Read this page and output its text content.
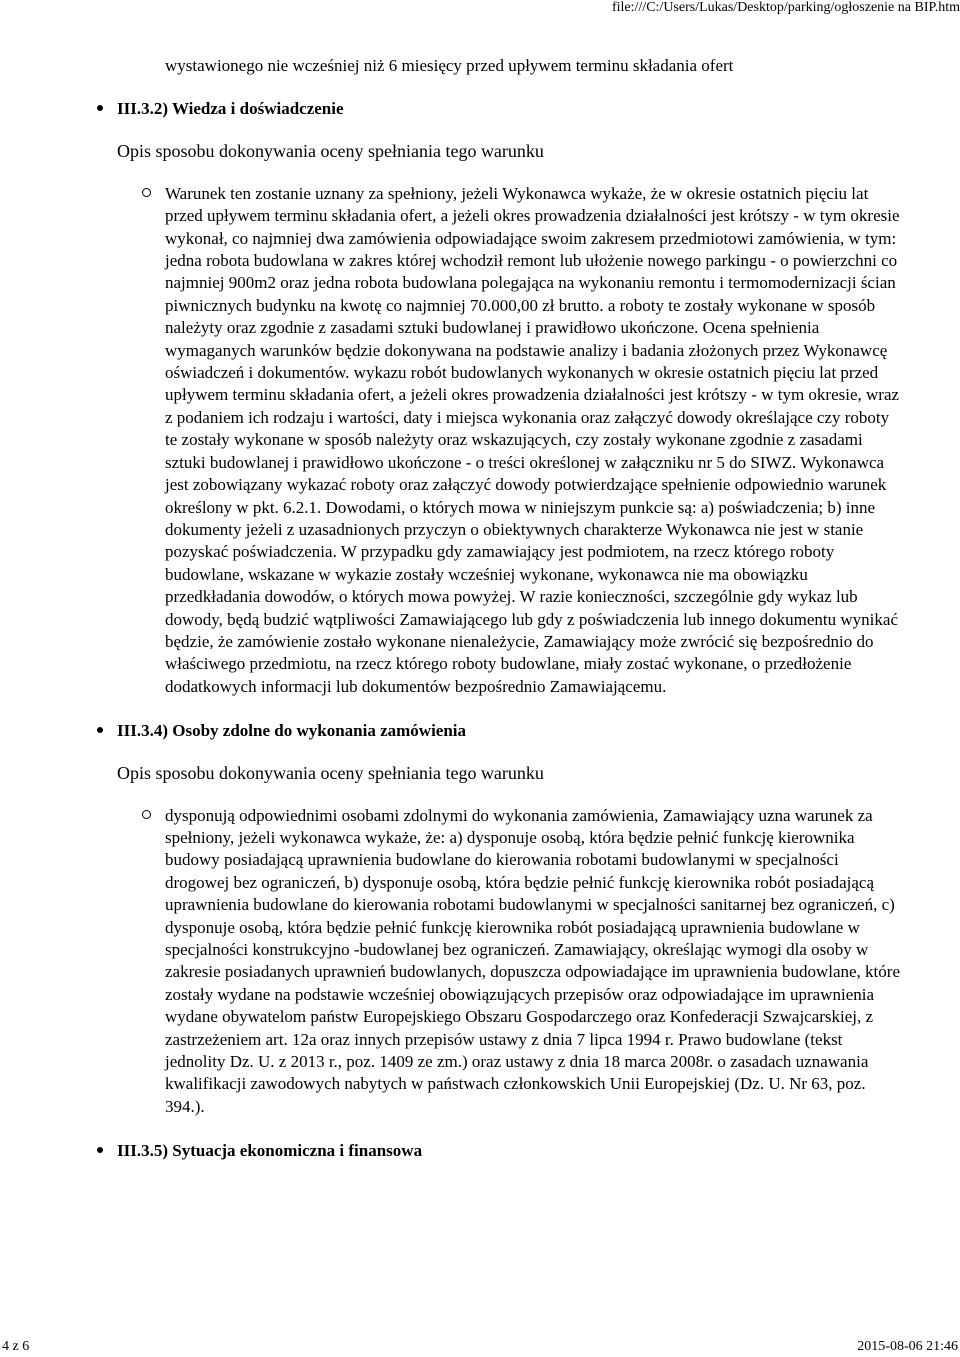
file:///C:/Users/Lukas/Desktop/parking/ogłoszenie na BIP.htm
wystawionego nie wcześniej niż 6 miesięcy przed upływem terminu składania ofert
III.3.2) Wiedza i doświadczenie
Opis sposobu dokonywania oceny spełniania tego warunku
Warunek ten zostanie uznany za spełniony, jeżeli Wykonawca wykaże, że w okresie ostatnich pięciu lat przed upływem terminu składania ofert, a jeżeli okres prowadzenia działalności jest krótszy - w tym okresie wykonał, co najmniej dwa zamówienia odpowiadające swoim zakresem przedmiotowi zamówienia, w tym: jedna robota budowlana w zakres której wchodził remont lub ułożenie nowego parkingu - o powierzchni co najmniej 900m2 oraz jedna robota budowlana polegająca na wykonaniu remontu i termomodernizacji ścian piwnicznych budynku na kwotę co najmniej 70.000,00 zł brutto. a roboty te zostały wykonane w sposób należyty oraz zgodnie z zasadami sztuki budowlanej i prawidłowo ukończone. Ocena spełnienia wymaganych warunków będzie dokonywana na podstawie analizy i badania złożonych przez Wykonawcę oświadczeń i dokumentów. wykazu robót budowlanych wykonanych w okresie ostatnich pięciu lat przed upływem terminu składania ofert, a jeżeli okres prowadzenia działalności jest krótszy - w tym okresie, wraz z podaniem ich rodzaju i wartości, daty i miejsca wykonania oraz załączyć dowody określające czy roboty te zostały wykonane w sposób należyty oraz wskazujących, czy zostały wykonane zgodnie z zasadami sztuki budowlanej i prawidłowo ukończone - o treści określonej w załączniku nr 5 do SIWZ. Wykonawca jest zobowiązany wykazać roboty oraz załączyć dowody potwierdzające spełnienie odpowiednio warunek określony w pkt. 6.2.1. Dowodami, o których mowa w niniejszym punkcie są: a) poświadczenia; b) inne dokumenty jeżeli z uzasadnionych przyczyn o obiektywnych charakterze Wykonawca nie jest w stanie pozyskać poświadczenia. W przypadku gdy zamawiający jest podmiotem, na rzecz którego roboty budowlane, wskazane w wykazie zostały wcześniej wykonane, wykonawca nie ma obowiązku przedkładania dowodów, o których mowa powyżej. W razie konieczności, szczególnie gdy wykaz lub dowody, będą budzić wątpliwości Zamawiającego lub gdy z poświadczenia lub innego dokumentu wynikać będzie, że zamówienie zostało wykonane nienależycie, Zamawiający może zwrócić się bezpośrednio do właściwego przedmiotu, na rzecz którego roboty budowlane, miały zostać wykonane, o przedłożenie dodatkowych informacji lub dokumentów bezpośrednio Zamawiającemu.
III.3.4) Osoby zdolne do wykonania zamówienia
Opis sposobu dokonywania oceny spełniania tego warunku
dysponują odpowiednimi osobami zdolnymi do wykonania zamówienia, Zamawiający uzna warunek za spełniony, jeżeli wykonawca wykaże, że: a) dysponuje osobą, która będzie pełnić funkcję kierownika budowy posiadającą uprawnienia budowlane do kierowania robotami budowlanymi w specjalności drogowej bez ograniczeń, b) dysponuje osobą, która będzie pełnić funkcję kierownika robót posiadającą uprawnienia budowlane do kierowania robotami budowlanymi w specjalności sanitarnej bez ograniczeń, c) dysponuje osobą, która będzie pełnić funkcję kierownika robót posiadającą uprawnienia budowlane w specjalności konstrukcyjno -budowlanej bez ograniczeń. Zamawiający, określając wymogi dla osoby w zakresie posiadanych uprawnień budowlanych, dopuszcza odpowiadające im uprawnienia budowlane, które zostały wydane na podstawie wcześniej obowiązujących przepisów oraz odpowiadające im uprawnienia wydane obywatelom państw Europejskiego Obszaru Gospodarczego oraz Konfederacji Szwajcarskiej, z zastrzeżeniem art. 12a oraz innych przepisów ustawy z dnia 7 lipca 1994 r. Prawo budowlane (tekst jednolity Dz. U. z 2013 r., poz. 1409 ze zm.) oraz ustawy z dnia 18 marca 2008r. o zasadach uznawania kwalifikacji zawodowych nabytych w państwach członkowskich Unii Europejskiej (Dz. U. Nr 63, poz. 394.).
III.3.5) Sytuacja ekonomiczna i finansowa
4 z 6	2015-08-06 21:46
